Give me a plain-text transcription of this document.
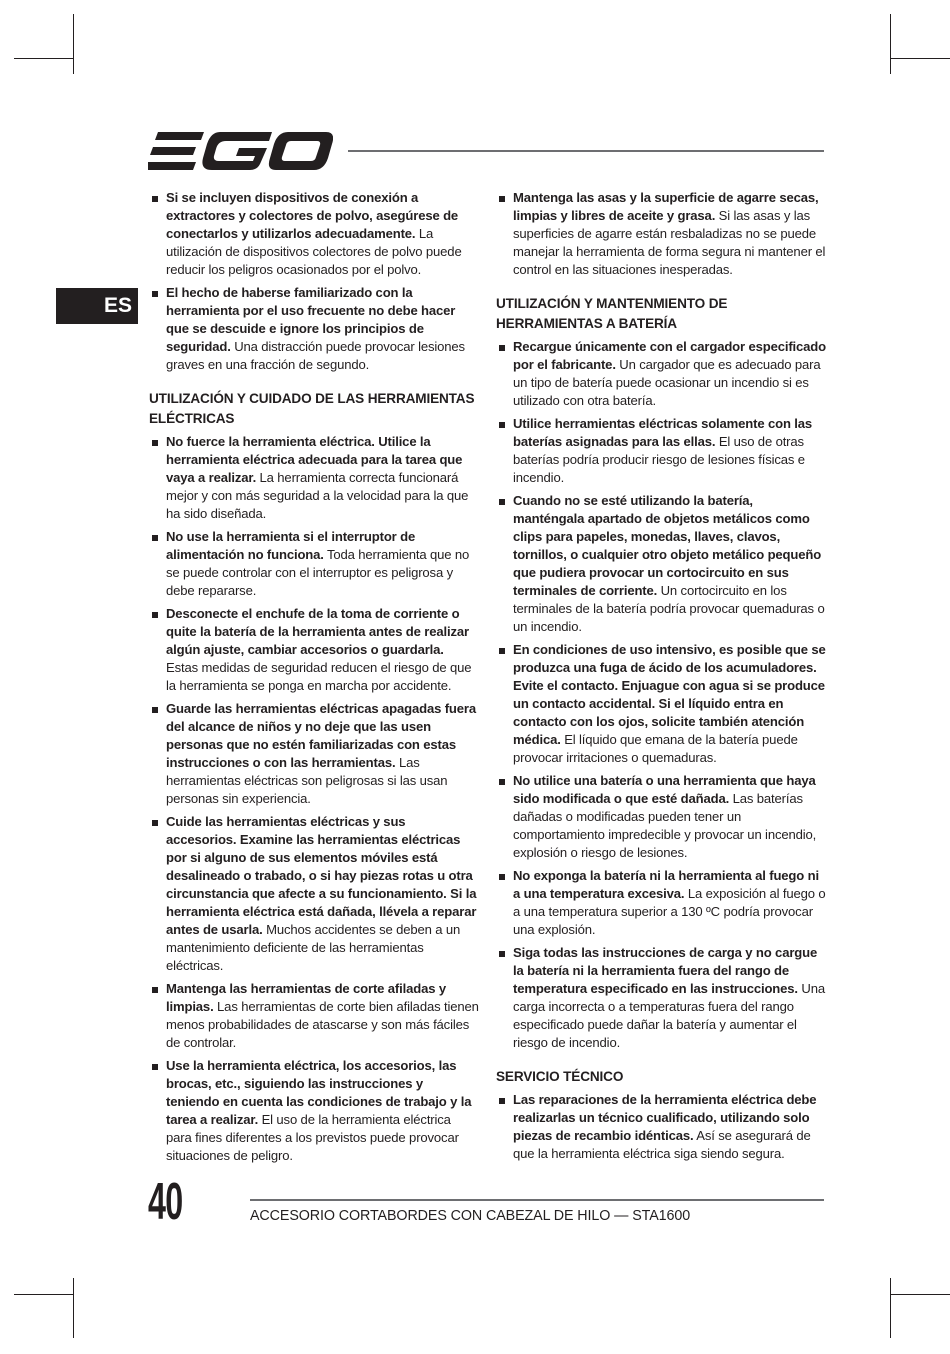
ES
Si se incluyen dispositivos de conexión a extractores y colectores de polvo, asegúrese de conectarlos y utilizarlos adecuadamente. La utilización de dispositivos colectores de polvo puede reducir los peligros ocasionados por el polvo.
El hecho de haberse familiarizado con la herramienta por el uso frecuente no debe hacer que se descuide e ignore los principios de seguridad. Una distracción puede provocar lesiones graves en una fracción de segundo.
UTILIZACIÓN Y CUIDADO DE LAS HERRAMIENTAS ELÉCTRICAS
No fuerce la herramienta eléctrica. Utilice la herramienta eléctrica adecuada para la tarea que vaya a realizar. La herramienta correcta funcionará mejor y con más seguridad a la velocidad para la que ha sido diseñada.
No use la herramienta si el interruptor de alimentación no funciona. Toda herramienta que no se puede controlar con el interruptor es peligrosa y debe repararse.
Desconecte el enchufe de la toma de corriente o quite la batería de la herramienta antes de realizar algún ajuste, cambiar accesorios o guardarla. Estas medidas de seguridad reducen el riesgo de que la herramienta se ponga en marcha por accidente.
Guarde las herramientas eléctricas apagadas fuera del alcance de niños y no deje que las usen personas que no estén familiarizadas con estas instrucciones o con las herramientas. Las herramientas eléctricas son peligrosas si las usan personas sin experiencia.
Cuide las herramientas eléctricas y sus accesorios. Examine las herramientas eléctricas por si alguno de sus elementos móviles está desalineado o trabado, o si hay piezas rotas u otra circunstancia que afecte a su funcionamiento. Si la herramienta eléctrica está dañada, llévela a reparar antes de usarla. Muchos accidentes se deben a un mantenimiento deficiente de las herramientas eléctricas.
Mantenga las herramientas de corte afiladas y limpias. Las herramientas de corte bien afiladas tienen menos probabilidades de atascarse y son más fáciles de controlar.
Use la herramienta eléctrica, los accesorios, las brocas, etc., siguiendo las instrucciones y teniendo en cuenta las condiciones de trabajo y la tarea a realizar. El uso de la herramienta eléctrica para fines diferentes a los previstos puede provocar situaciones de peligro.
Mantenga las asas y la superficie de agarre secas, limpias y libres de aceite y grasa. Si las asas y las superficies de agarre están resbaladizas no se puede manejar la herramienta de forma segura ni mantener el control en las situaciones inesperadas.
UTILIZACIÓN Y MANTENMIENTO DE HERRAMIENTAS A BATERÍA
Recargue únicamente con el cargador especificado por el fabricante. Un cargador que es adecuado para un tipo de batería puede ocasionar un incendio si es utilizado con otra batería.
Utilice herramientas eléctricas solamente con las baterías asignadas para las ellas. El uso de otras baterías podría producir riesgo de lesiones físicas e incendio.
Cuando no se esté utilizando la batería, manténgala apartado de objetos metálicos como clips para papeles, monedas, llaves, clavos, tornillos, o cualquier otro objeto metálico pequeño que pudiera provocar un cortocircuito en sus terminales de corriente. Un cortocircuito en los terminales de la batería podría provocar quemaduras o un incendio.
En condiciones de uso intensivo, es posible que se produzca una fuga de ácido de los acumuladores. Evite el contacto. Enjuague con agua si se produce un contacto accidental. Si el líquido entra en contacto con los ojos, solicite también atención médica. El líquido que emana de la batería puede provocar irritaciones o quemaduras.
No utilice una batería o una herramienta que haya sido modificada o que esté dañada. Las baterías dañadas o modificadas pueden tener un comportamiento impredecible y provocar un incendio, explosión o riesgo de lesiones.
No exponga la batería ni la herramienta al fuego ni a una temperatura excesiva. La exposición al fuego o a una temperatura superior a 130 ºC podría provocar una explosión.
Siga todas las instrucciones de carga y no cargue la batería ni la herramienta fuera del rango de temperatura especificado en las instrucciones. Una carga incorrecta o a temperaturas fuera del rango especificado puede dañar la batería y aumentar el riesgo de incendio.
SERVICIO TÉCNICO
Las reparaciones de la herramienta eléctrica debe realizarlas un técnico cualificado, utilizando solo piezas de recambio idénticas. Así se asegurará de que la herramienta eléctrica siga siendo segura.
40	ACCESORIO CORTABORDES CON CABEZAL DE HILO — STA1600
